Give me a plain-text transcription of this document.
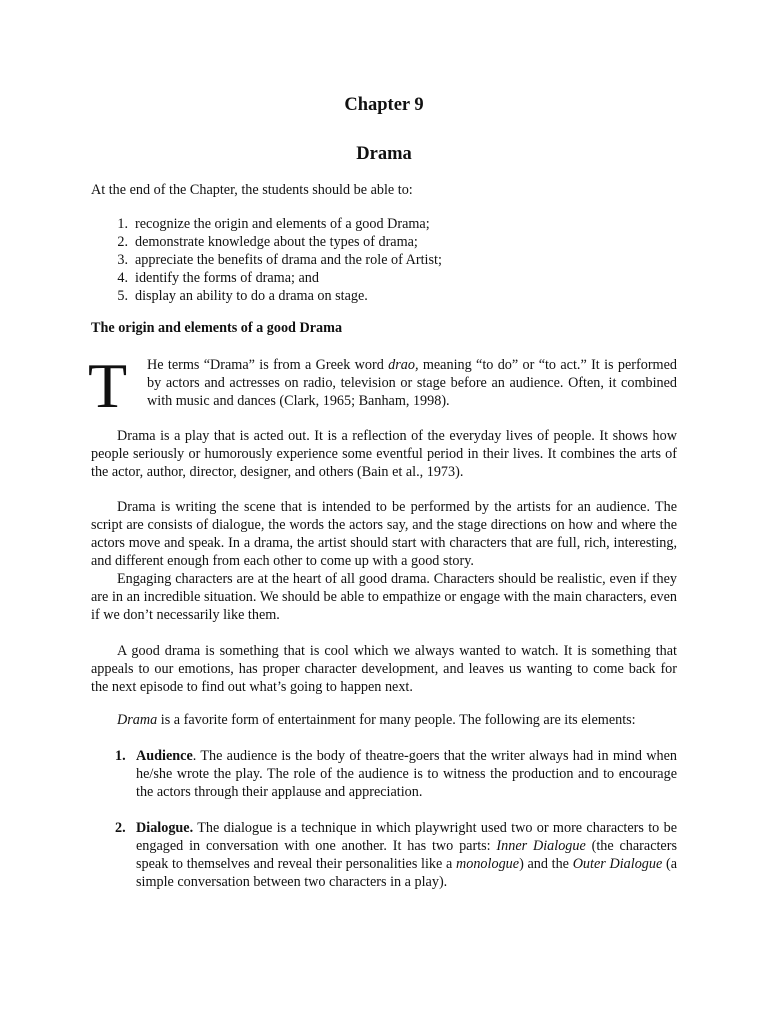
Chapter 9
Drama

At the end of the Chapter, the students should be able to:

1. recognize the origin and elements of a good Drama;
2. demonstrate knowledge about the types of drama;
3. appreciate the benefits of drama and the role of Artist;
4. identify the forms of drama; and
5. display an ability to do a drama on stage.
The origin and elements of a good Drama
T He terms “Drama” is from a Greek word drao, meaning “to do” or “to act.” It is performed by actors and actresses on radio, television or stage before an audience. Often, it combined with music and dances (Clark, 1965; Banham, 1998).

Drama is a play that is acted out. It is a reflection of the everyday lives of people. It shows how people seriously or humorously experience some eventful period in their lives. It combines the arts of the actor, author, director, designer, and others (Bain et al., 1973).

Drama is writing the scene that is intended to be performed by the artists for an audience. The script are consists of dialogue, the words the actors say, and the stage directions on how and where the actors move and speak. In a drama, the artist should start with characters that are full, rich, interesting, and different enough from each other to come up with a good story.

Engaging characters are at the heart of all good drama. Characters should be realistic, even if they are in an incredible situation. We should be able to empathize or engage with the main characters, even if we don’t necessarily like them.

A good drama is something that is cool which we always wanted to watch. It is something that appeals to our emotions, has proper character development, and leaves us wanting to come back for the next episode to find out what’s going to happen next.

Drama is a favorite form of entertainment for many people. The following are its elements:

1. Audience. The audience is the body of theatre-goers that the writer always had in mind when he/she wrote the play. The role of the audience is to witness the production and to encourage the actors through their applause and appreciation.
2. Dialogue. The dialogue is a technique in which playwright used two or more characters to be engaged in conversation with one another. It has two parts: Inner Dialogue (the characters speak to themselves and reveal their personalities like a monologue) and the Outer Dialogue (a simple conversation between two characters in a play).
